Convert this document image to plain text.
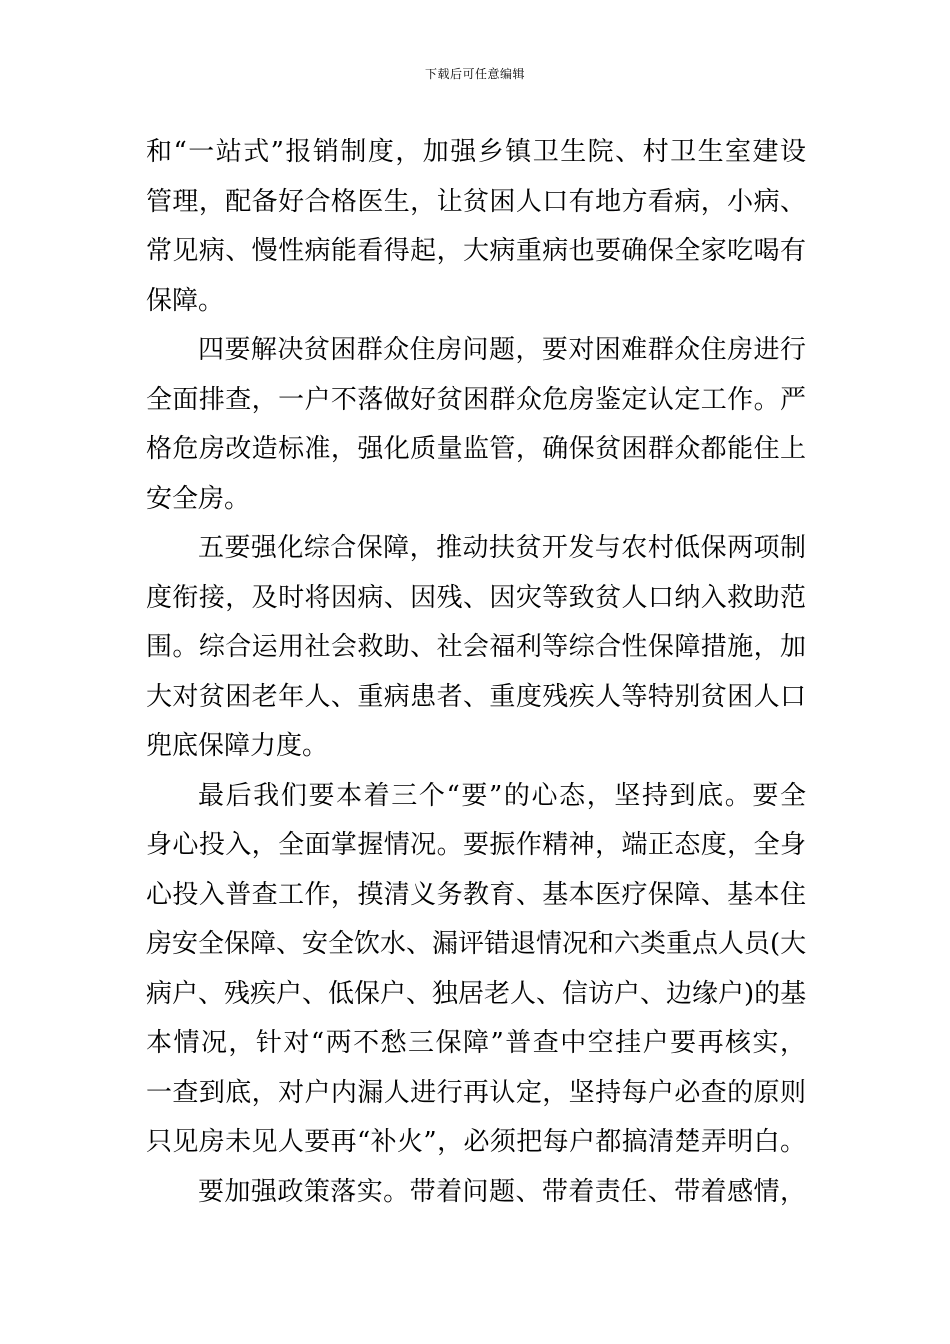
下载后可任意编辑
和“一站式”报销制度，加强乡镇卫生院、村卫生室建设
管理，配备好合格医生，让贫困人口有地方看病，小病、
常见病、慢性病能看得起，大病重病也要确保全家吃喝有
保障。
四要解决贫困群众住房问题，要对困难群众住房进行
全面排查，一户不落做好贫困群众危房鉴定认定工作。严
格危房改造标准，强化质量监管，确保贫困群众都能住上
安全房。
五要强化综合保障，推动扶贫开发与农村低保两项制
度衔接，及时将因病、因残、因灾等致贫人口纳入救助范
围。综合运用社会救助、社会福利等综合性保障措施，加
大对贫困老年人、重病患者、重度残疾人等特别贫困人口
兜底保障力度。
最后我们要本着三个“要”的心态，坚持到底。要全
身心投入，全面掌握情况。要振作精神，端正态度，全身
心投入普查工作，摸清义务教育、基本医疗保障、基本住
房安全保障、安全饮水、漏评错退情况和六类重点人员(大
病户、残疾户、低保户、独居老人、信访户、边缘户)的基
本情况，针对“两不愁三保障”普查中空挂户要再核实，
一查到底，对户内漏人进行再认定，坚持每户必查的原则
只见房未见人要再“补火”，必须把每户都搞清楚弄明白。
要加强政策落实。带着问题、带着责任、带着感情，
